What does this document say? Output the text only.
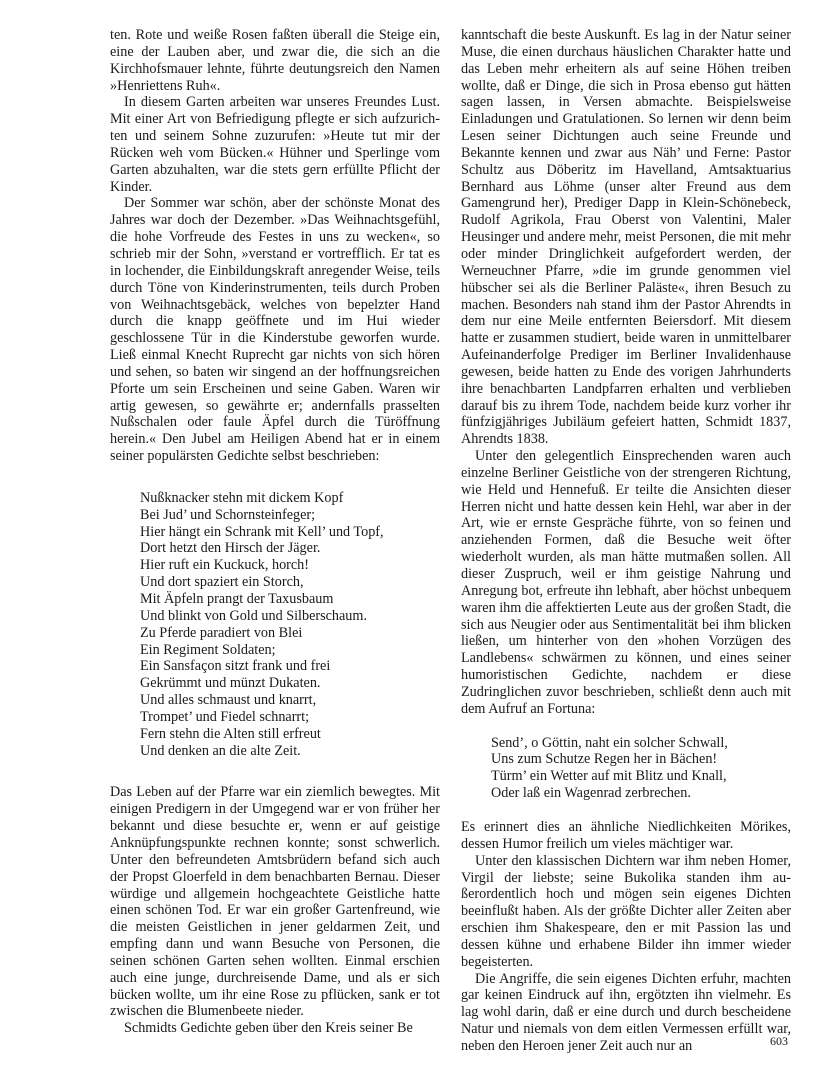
ten. Rote und weiße Rosen faßten überall die Steige ein, eine der Lauben aber, und zwar die, die sich an die Kirchhofsmauer lehnte, führte deutungsreich den Namen »Henriettens Ruh«.

In diesem Garten arbeiten war unseres Freundes Lust. Mit einer Art von Befriedigung pflegte er sich aufzurichten und seinem Sohne zuzurufen: »Heute tut mir der Rücken weh vom Bücken.« Hühner und Sperlinge vom Garten abzuhalten, war die stets gern erfüllte Pflicht der Kinder.

Der Sommer war schön, aber der schönste Monat des Jahres war doch der Dezember. »Das Weihnachtsgefühl, die hohe Vorfreude des Festes in uns zu wecken«, so schrieb mir der Sohn, »verstand er vortrefflich. Er tat es in lochender, die Einbildungskraft anregender Weise, teils durch Töne von Kinderinstrumenten, teils durch Proben von Weihnachtsgebäck, welches von bepelzter Hand durch die knapp geöffnete und im Hui wieder geschlossene Tür in die Kinderstube geworfen wurde. Ließ einmal Knecht Ruprecht gar nichts von sich hören und sehen, so baten wir singend an der hoffnungsreichen Pforte um sein Erscheinen und seine Gaben. Waren wir artig gewesen, so gewährte er; andernfalls prasselten Nußschalen oder faule Äpfel durch die Türöffnung herein.« Den Jubel am Heiligen Abend hat er in einem seiner populärsten Gedichte selbst beschrieben:

Nußknacker stehn mit dickem Kopf
Bei Jud’ und Schornsteinfeger;
Hier hängt ein Schrank mit Kell’ und Topf,
Dort hetzt den Hirsch der Jäger.
Hier ruft ein Kuckuck, horch!
Und dort spaziert ein Storch,
Mit Äpfeln prangt der Taxusbaum
Und blinkt von Gold und Silberschaum.
Zu Pferde paradiert von Blei
Ein Regiment Soldaten;
Ein Sansfaçon sitzt frank und frei
Gekrümmt und münzt Dukaten.
Und alles schmaust und knarrt,
Trompet’ und Fiedel schnarrt;
Fern stehn die Alten still erfreut
Und denken an die alte Zeit.

Das Leben auf der Pfarre war ein ziemlich bewegtes. Mit einigen Predigern in der Umgegend war er von früher her bekannt und diese besuchte er, wenn er auf geistige Anknüpfungspunkte rechnen konnte; sonst schwerlich. Unter den befreundeten Amtsbrüdern befand sich auch der Propst Gloerfeld in dem benachbarten Bernau. Dieser würdige und allgemein hochgeachtete Geistliche hatte einen schönen Tod. Er war ein großer Gartenfreund, wie die meisten Geistlichen in jener geldarmen Zeit, und empfing dann und wann Besuche von Personen, die seinen schönen Garten sehen wollten. Einmal erschien auch eine junge, durchreisende Dame, und als er sich bücken wollte, um ihr eine Rose zu pflücken, sank er tot zwischen die Blumenbeete nieder.

Schmidts Gedichte geben über den Kreis seiner Be

kanntschaft die beste Auskunft. Es lag in der Natur seiner Muse, die einen durchaus häuslichen Charakter hatte und das Leben mehr erheitern als auf seine Höhen treiben wollte, daß er Dinge, die sich in Prosa ebenso gut hätten sagen lassen, in Versen abmachte. Beispielsweise Einladungen und Gratulationen. So lernen wir denn beim Lesen seiner Dichtungen auch seine Freunde und Bekannte kennen und zwar aus Näh’ und Ferne: Pastor Schultz aus Döberitz im Havelland, Amtsaktuarius Bernhard aus Löhme (unser alter Freund aus dem Gamengrund her), Prediger Dapp in Klein-Schönebeck, Rudolf Agrikola, Frau Oberst von Valentini, Maler Heusinger und andere mehr, meist Personen, die mit mehr oder minder Dringlichkeit aufgefordert werden, der Werneuchner Pfarre, »die im grunde genommen viel hübscher sei als die Berliner Paläste«, ihren Besuch zu machen. Besonders nah stand ihm der Pastor Ahrendts in dem nur eine Meile entfernten Beiersdorf. Mit diesem hatte er zusammen studiert, beide waren in unmittelbarer Aufeinanderfolge Prediger im Berliner Invalidenhause gewesen, beide hatten zu Ende des vorigen Jahrhunderts ihre benachbarten Landpfarren erhalten und verblieben darauf bis zu ihrem Tode, nachdem beide kurz vorher ihr fünfzigjähriges Jubiläum gefeiert hatten, Schmidt 1837, Ahrendts 1838.

Unter den gelegentlich Einsprechenden waren auch einzelne Berliner Geistliche von der strengeren Richtung, wie Held und Hennefuß. Er teilte die Ansichten dieser Herren nicht und hatte dessen kein Hehl, war aber in der Art, wie er ernste Gespräche führte, von so feinen und anziehenden Formen, daß die Besuche weit öfter wiederholt wurden, als man hätte mutmaßen sollen. All dieser Zuspruch, weil er ihm geistige Nahrung und Anregung bot, erfreute ihn lebhaft, aber höchst unbequem waren ihm die affektierten Leute aus der großen Stadt, die sich aus Neugier oder aus Sentimentalität bei ihm blicken ließen, um hinterher von den »hohen Vorzügen des Landlebens« schwärmen zu können, und eines seiner humoristischen Gedichte, nachdem er diese Zudringlichen zuvor beschrieben, schließt denn auch mit dem Aufruf an Fortuna:

Send’, o Göttin, naht ein solcher Schwall,
Uns zum Schutze Regen her in Bächen!
Türm’ ein Wetter auf mit Blitz und Knall,
Oder laß ein Wagenrad zerbrechen.

Es erinnert dies an ähnliche Niedlichkeiten Mörikes, dessen Humor freilich um vieles mächtiger war.

Unter den klassischen Dichtern war ihm neben Homer, Virgil der liebste; seine Bukolika standen ihm außerordentlich hoch und mögen sein eigenes Dichten beeinflußt haben. Als der größte Dichter aller Zeiten aber erschien ihm Shakespeare, den er mit Passion las und dessen kühne und erhabene Bilder ihn immer wieder begeisterten.

Die Angriffe, die sein eigenes Dichten erfuhr, machten gar keinen Eindruck auf ihn, ergötzten ihn vielmehr. Es lag wohl darin, daß er eine durch und durch bescheidene Natur und niemals von dem eitlen Vermessen erfüllt war, neben den Heroen jener Zeit auch nur an	603
